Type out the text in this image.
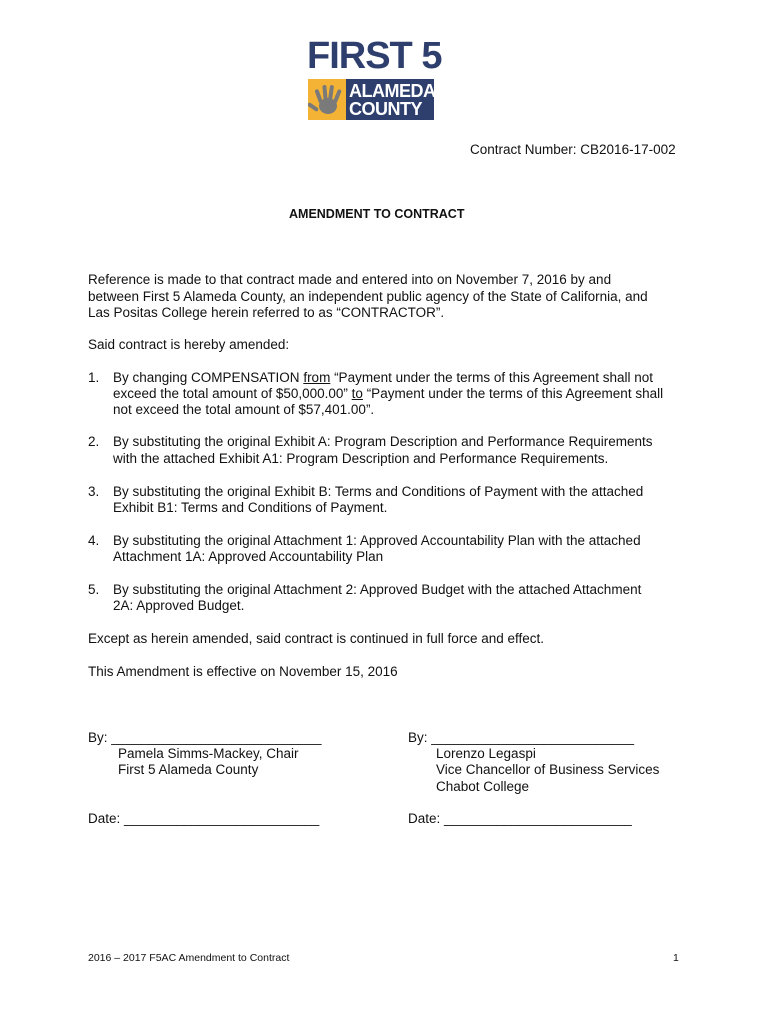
FIRST 5
ALAMEDA
COUNTY
Contract Number: CB2016-17-002
AMENDMENT TO CONTRACT
Reference is made to that contract made and entered into on November 7, 2016 by and
between First 5 Alameda County, an independent public agency of the State of California, and
Las Positas College herein referred to as “CONTRACTOR”.
Said contract is hereby amended:
1. By changing COMPENSATION from “Payment under the terms of this Agreement shall not
exceed the total amount of $50,000.00” to “Payment under the terms of this Agreement shall
not exceed the total amount of $57,401.00”.
2. By substituting the original Exhibit A: Program Description and Performance Requirements
with the attached Exhibit A1: Program Description and Performance Requirements.
3. By substituting the original Exhibit B: Terms and Conditions of Payment with the attached
Exhibit B1: Terms and Conditions of Payment.
4. By substituting the original Attachment 1: Approved Accountability Plan with the attached
Attachment 1A: Approved Accountability Plan
5. By substituting the original Attachment 2: Approved Budget with the attached Attachment
2A: Approved Budget.
Except as herein amended, said contract is continued in full force and effect.
This Amendment is effective on November 15, 2016
By: ____________________________
Pamela Simms-Mackey, Chair
First 5 Alameda County
Date: __________________________
By: ___________________________
Lorenzo Legaspi
Vice Chancellor of Business Services
Chabot College
Date: _________________________
2016 – 2017 F5AC Amendment to Contract	1
